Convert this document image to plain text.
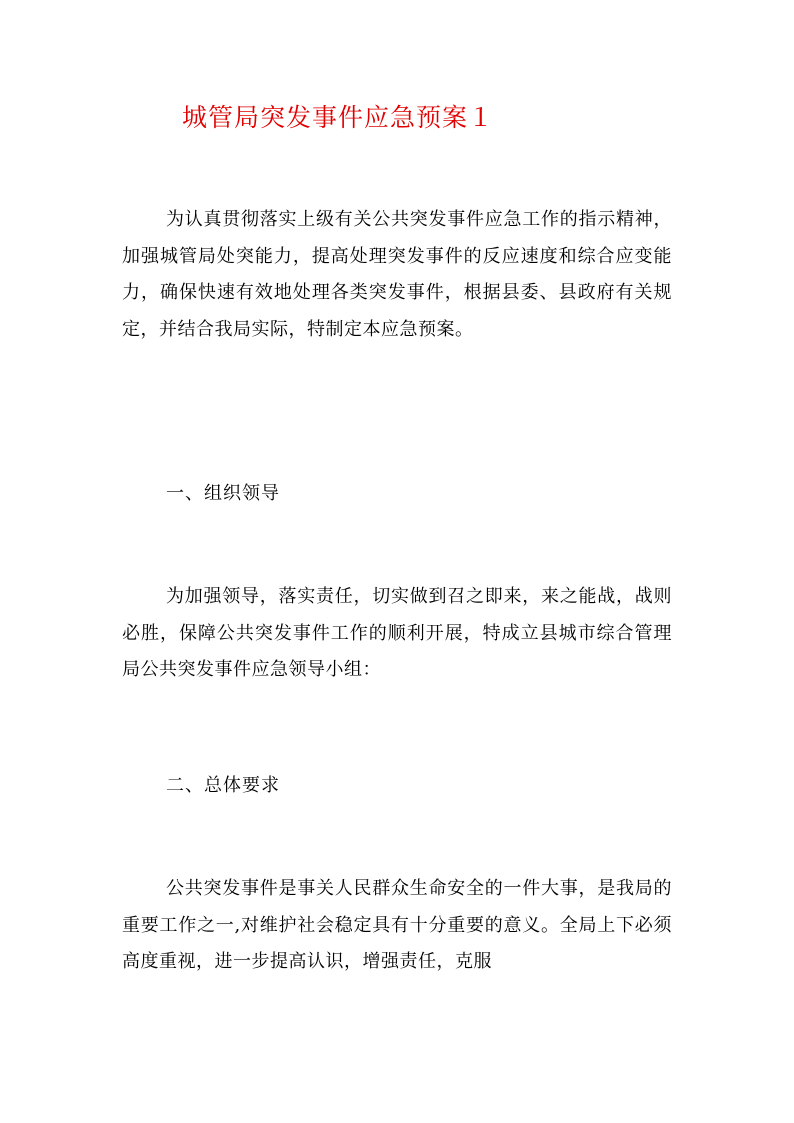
城管局突发事件应急预案１

为认真贯彻落实上级有关公共突发事件应急工作的指示精神，加强城管局处突能力，提高处理突发事件的反应速度和综合应变能力，确保快速有效地处理各类突发事件，根据县委、县政府有关规定，并结合我局实际，特制定本应急预案。

一、组织领导

为加强领导，落实责任，切实做到召之即来，来之能战，战则必胜，保障公共突发事件工作的顺利开展，特成立县城市综合管理局公共突发事件应急领导小组：

二、总体要求

公共突发事件是事关人民群众生命安全的一件大事，是我局的重要工作之一,对维护社会稳定具有十分重要的意义。全局上下必须高度重视，进一步提高认识，增强责任，克服
